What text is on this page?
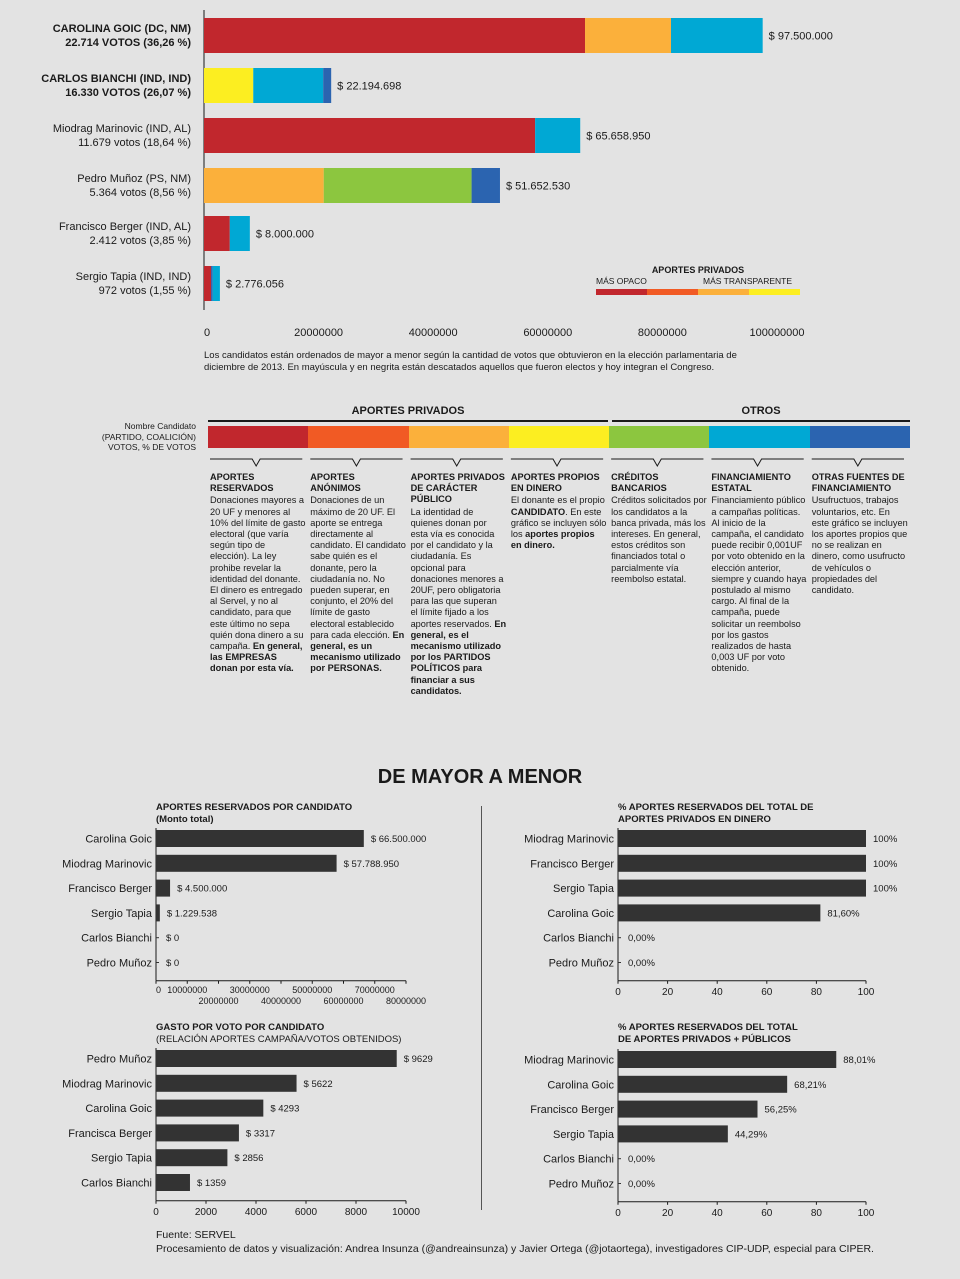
$ 97.500.000
CAROLINA GOIC (DC, NM)
22.714 VOTOS (36,26 %)
$ 22.194.698
CARLOS BIANCHI (IND, IND)
16.330 VOTOS (26,07 %)
$ 65.658.950
Miodrag Marinovic (IND, AL)
11.679 votos (18,64 %)
$ 51.652.530
Pedro Muñoz (PS, NM)
5.364 votos (8,56 %)
$ 8.000.000
Francisco Berger (IND, AL)
2.412 votos (3,85 %)
$ 2.776.056
Sergio Tapia (IND, IND)
972 votos (1,55 %)
0	20000000	40000000	60000000	80000000	100000000
APORTES PRIVADOS
MÁS OPACO	MÁS TRANSPARENTE
Los candidatos están ordenados de mayor a menor según la cantidad de votos que obtuvieron en la elección parlamentaria de diciembre de 2013. En mayúscula y en negrita están descatados aquellos que fueron electos y hoy integran el Congreso.
APORTES PRIVADOS	OTROS
Nombre Candidato
(PARTIDO, COALICIÓN)
VOTOS, % DE VOTOS
APORTES RESERVADOS
Donaciones mayores a 20 UF y menores al 10% del límite de gasto electoral (que varía según tipo de elección). La ley prohibe revelar la identidad del donante. El dinero es entregado al Servel, y no al candidato, para que este último no sepa quién dona dinero a su campaña. En general, las EMPRESAS donan por esta vía.
APORTES ANÓNIMOS
Donaciones de un máximo de 20 UF. El aporte se entrega directamente al candidato. El candidato sabe quién es el donante, pero la ciudadanía no. No pueden superar, en conjunto, el 20% del límite de gasto electoral establecido para cada elección. En general, es un mecanismo utilizado por PERSONAS.
APORTES PRIVADOS DE CARÁCTER PÚBLICO
La identidad de quienes donan por esta vía es conocida por el candidato y la ciudadanía. Es opcional para donaciones menores a 20UF, pero obligatoria para las que superan el límite fijado a los aportes reservados. En general, es el mecanismo utilizado por los PARTIDOS POLÍTICOS para financiar a sus candidatos.
APORTES PROPIOS EN DINERO
El donante es el propio CANDIDATO. En este gráfico se incluyen sólo los aportes propios en dinero.
CRÉDITOS BANCARIOS
Créditos solicitados por los candidatos a la banca privada, más los intereses. En general, estos créditos son financiados total o parcialmente vía reembolso estatal.
FINANCIAMIENTO ESTATAL
Financiamiento público a campañas políticas. Al inicio de la campaña, el candidato puede recibir 0,001UF por voto obtenido en la elección anterior, siempre y cuando haya postulado al mismo cargo. Al final de la campaña, puede solicitar un reembolso por los gastos realizados de hasta 0,003 UF por voto obtenido.
OTRAS FUENTES DE FINANCIAMIENTO
Usufructuos, trabajos voluntarios, etc. En este gráfico se incluyen los aportes propios que no se realizan en dinero, como usufructo de vehículos o propiedades del candidato.
DE MAYOR A MENOR
Carolina Goic	$ 66.500.000
Miodrag Marinovic	$ 57.788.950
Francisco Berger	$ 4.500.000
Sergio Tapia $ 1.229.538
Carlos Bianchi $ 0
Pedro Muñoz $ 0
0 10000000 30000000 50000000 70000000
20000000 40000000 60000000 80000000
Miodrag Marinovic	100%
Francisco Berger	100%
Sergio Tapia	100%
Carolina Goic	81,60%
Carlos Bianchi 0,00%
Pedro Muñoz 0,00%
0	20	40	60	80	100
Pedro Muñoz	$ 9629
Miodrag Marinovic	$ 5622
Carolina Goic	$ 4293
Francisca Berger	$ 3317
Sergio Tapia	$ 2856
Carlos Bianchi	$ 1359
0	2000	4000	6000	8000 10000
Miodrag Marinovic	88,01%
Carolina Goic	68,21%
Francisco Berger	56,25%
Sergio Tapia	44,29%
Carlos Bianchi 0,00%
Pedro Muñoz 0,00%
0	20	40	60	80	100
APORTES RESERVADOS POR CANDIDATO
(Monto total)
% APORTES RESERVADOS DEL TOTAL DE
APORTES PRIVADOS EN DINERO
GASTO POR VOTO POR CANDIDATO
(RELACIÓN APORTES CAMPAÑA/VOTOS OBTENIDOS)
% APORTES RESERVADOS DEL TOTAL
DE APORTES PRIVADOS + PÚBLICOS
Fuente: SERVEL
Procesamiento de datos y visualización: Andrea Insunza (@andreainsunza) y Javier Ortega (@jotaortega), investigadores CIP-UDP, especial para CIPER.
